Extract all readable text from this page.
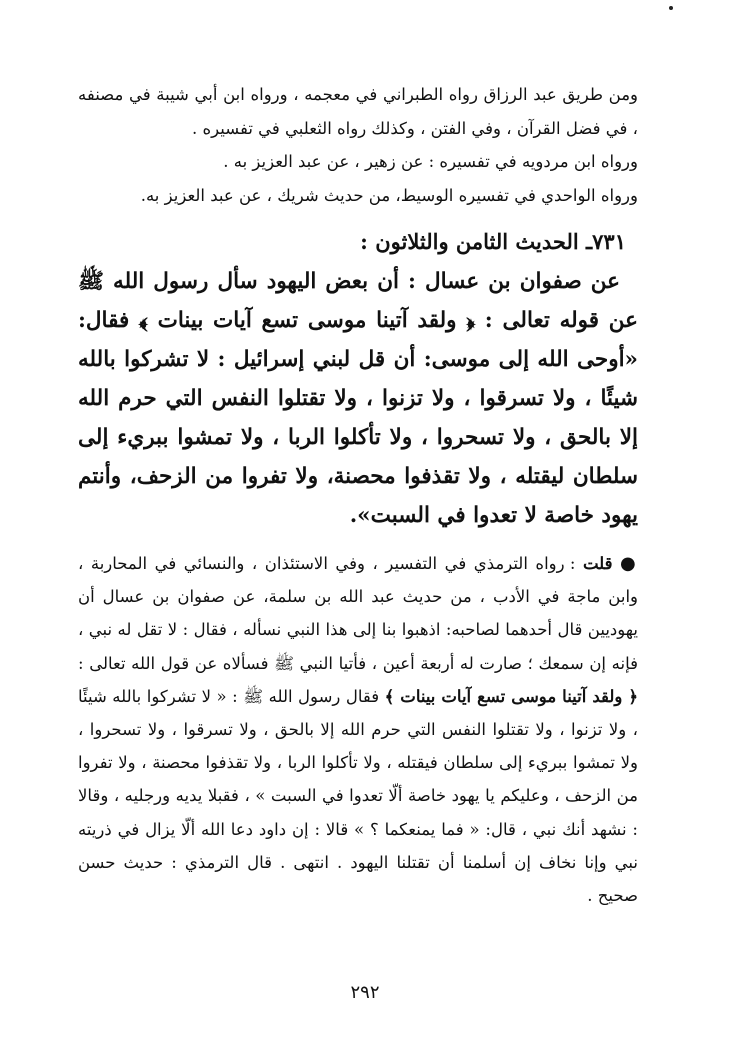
ومن طريق عبد الرزاق رواه الطبراني في معجمه ، ورواه ابن أبي شيبة في مصنفه ، في فضل القرآن ، وفي الفتن ، وكذلك رواه الثعلبي في تفسيره .

ورواه ابن مردويه في تفسيره : عن زهير ، عن عبد العزيز به .

ورواه الواحدي في تفسيره الوسيط، من حديث شريك ، عن عبد العزيز به.

٧٣١ـ الحديث الثامن والثلاثون :

عن صفوان بن عسال : أن بعض اليهود سأل رسول الله ﷺ عن قوله تعالى : ﴿ ولقد آتينا موسى تسع آيات بينات ﴾ فقال: «أوحى الله إلى موسى: أن قل لبني إسرائيل : لا تشركوا بالله شيئًا ، ولا تسرقوا ، ولا تزنوا ، ولا تقتلوا النفس التي حرم الله إلا بالحق ، ولا تسحروا ، ولا تأكلوا الربا ، ولا تمشوا ببريء إلى سلطان ليقتله ، ولا تقذفوا محصنة، ولا تفروا من الزحف، وأنتم يهود خاصة لا تعدوا في السبت».

● قلت : رواه الترمذي في التفسير ، وفي الاستئذان ، والنسائي في المحاربة ، وابن ماجة في الأدب ، من حديث عبد الله بن سلمة، عن صفوان بن عسال أن يهوديين قال أحدهما لصاحبه: اذهبوا بنا إلى هذا النبي نسأله ، فقال : لا تقل له نبي ، فإنه إن سمعك ؛ صارت له أربعة أعين ، فأتيا النبي ﷺ فسألاه عن قول الله تعالى : ﴿ ولقد آتينا موسى تسع آيات بينات ﴾ فقال رسول الله ﷺ : « لا تشركوا بالله شيئًا ، ولا تزنوا ، ولا تقتلوا النفس التي حرم الله إلا بالحق ، ولا تسرقوا ، ولا تسحروا ، ولا تمشوا ببريء إلى سلطان فيقتله ، ولا تأكلوا الربا ، ولا تقذفوا محصنة ، ولا تفروا من الزحف ، وعليكم يا يهود خاصة ألّا تعدوا في السبت » ، فقبلا يديه ورجليه ، وقالا : نشهد أنك نبي ، قال: « فما يمنعكما ؟ » قالا : إن داود دعا الله ألّا يزال في ذريته نبي وإنا نخاف إن أسلمنا أن تقتلنا اليهود . انتهى . قال الترمذي : حديث حسن صحيح .

٢٩٢
